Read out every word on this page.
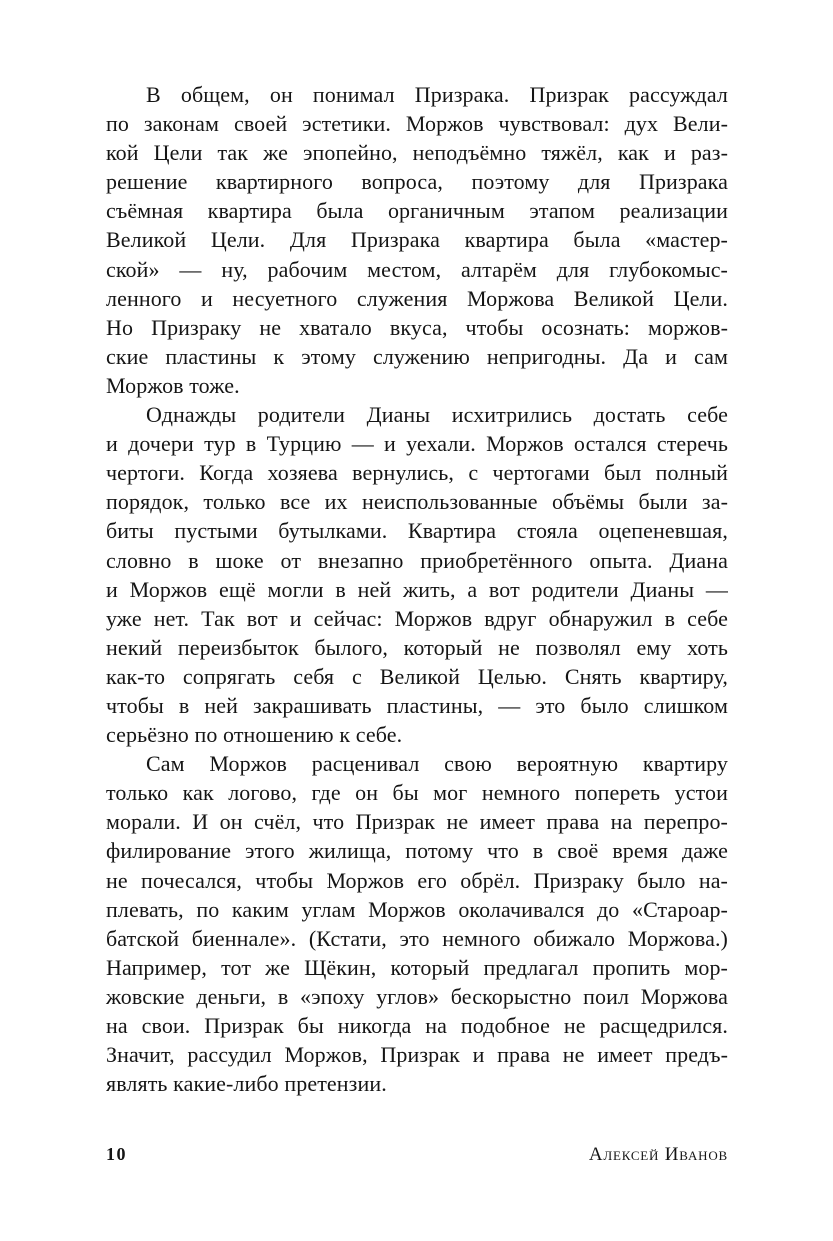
В общем, он понимал Призрака. Призрак рассуждал
по законам своей эстетики. Моржов чувствовал: дух Вели-
кой Цели так же эпопейно, неподъёмно тяжёл, как и раз-
решение квартирного вопроса, поэтому для Призрака
съёмная квартира была органичным этапом реализации
Великой Цели. Для Призрака квартира была «мастер-
ской» — ну, рабочим местом, алтарём для глубокомыс-
ленного и несуетного служения Моржова Великой Цели.
Но Призраку не хватало вкуса, чтобы осознать: моржов-
ские пластины к этому служению непригодны. Да и сам
Моржов тоже.
Однажды родители Дианы исхитрились достать себе
и дочери тур в Турцию — и уехали. Моржов остался стеречь
чертоги. Когда хозяева вернулись, с чертогами был полный
порядок, только все их неиспользованные объёмы были за-
биты пустыми бутылками. Квартира стояла оцепеневшая,
словно в шоке от внезапно приобретённого опыта. Диана
и Моржов ещё могли в ней жить, а вот родители Дианы —
уже нет. Так вот и сейчас: Моржов вдруг обнаружил в себе
некий переизбыток былого, который не позволял ему хоть
как-то сопрягать себя с Великой Целью. Снять квартиру,
чтобы в ней закрашивать пластины, — это было слишком
серьёзно по отношению к себе.
Сам Моржов расценивал свою вероятную квартиру
только как логово, где он бы мог немного попереть устои
морали. И он счёл, что Призрак не имеет права на перепро-
филирование этого жилища, потому что в своё время даже
не почесался, чтобы Моржов его обрёл. Призраку было на-
плевать, по каким углам Моржов околачивался до «Староар-
батской биеннале». (Кстати, это немного обижало Моржова.)
Например, тот же Щёкин, который предлагал пропить мор-
жовские деньги, в «эпоху углов» бескорыстно поил Моржова
на свои. Призрак бы никогда на подобное не расщедрился.
Значит, рассудил Моржов, Призрак и права не имеет предъ-
являть какие-либо претензии.
10	Алексей Иванов
